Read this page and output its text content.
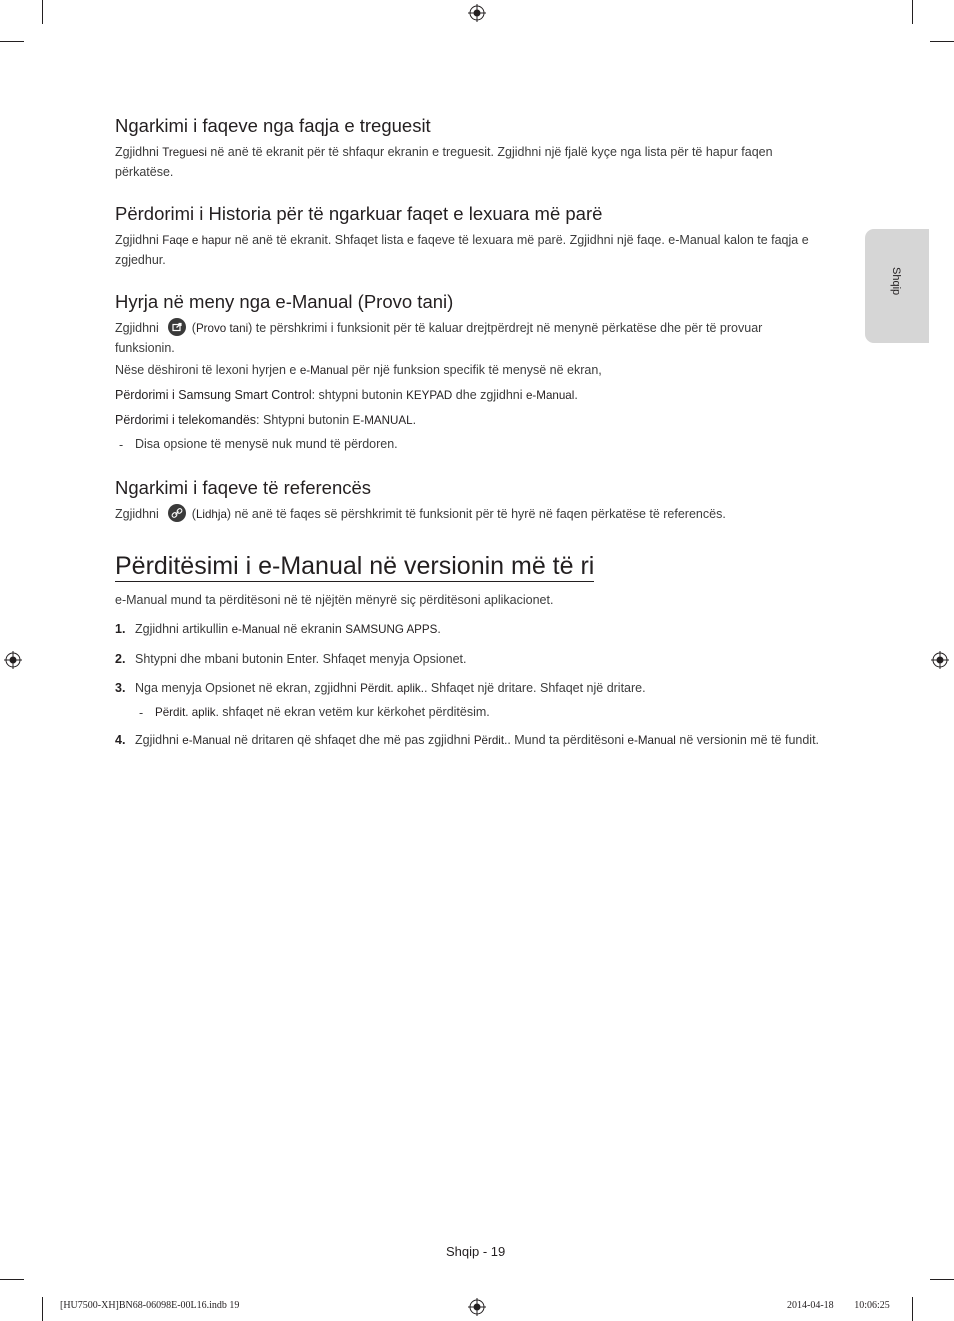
Shqip
Ngarkimi i faqeve nga faqja e treguesit

Zgjidhni Treguesi në anë të ekranit për të shfaqur ekranin e treguesit. Zgjidhni një fjalë kyçe nga lista për të hapur faqen përkatëse.

Përdorimi i Historia për të ngarkuar faqet e lexuara më parë

Zgjidhni Faqe e hapur në anë të ekranit. Shfaqet lista e faqeve të lexuara më parë. Zgjidhni një faqe. e-Manual kalon te faqja e zgjedhur.

Hyrja në meny nga e-Manual (Provo tani)

Zgjidhni	(Provo tani) te përshkrimi i funksionit për të kaluar drejtpërdrejt në menynë përkatëse dhe për të provuar funksionin.

Nëse dëshironi të lexoni hyrjen e e-Manual për një funksion specifik të menysë në ekran,

Përdorimi i Samsung Smart Control: shtypni butonin KEYPAD dhe zgjidhni e-Manual.

Përdorimi i telekomandës: Shtypni butonin E-MANUAL.

- Disa opsione të menysë nuk mund të përdoren.

Ngarkimi i faqeve të referencës

Zgjidhni	(Lidhja) në anë të faqes së përshkrimit të funksionit për të hyrë në faqen përkatëse të referencës.

Përditësimi i e-Manual në versionin më të ri

e-Manual mund ta përditësoni në të njëjtën mënyrë siç përditësoni aplikacionet.

1. Zgjidhni artikullin e-Manual në ekranin SAMSUNG APPS.

2. Shtypni dhe mbani butonin Enter. Shfaqet menyja Opsionet.

3. Nga menyja Opsionet në ekran, zgjidhni Përdit. aplik.. Shfaqet një dritare. Shfaqet një dritare.

- Përdit. aplik. shfaqet në ekran vetëm kur kërkohet përditësim.

4. Zgjidhni e-Manual në dritaren që shfaqet dhe më pas zgjidhni Përdit.. Mund ta përditësoni e-Manual në versionin më të fundit.

Shqip - 19
[HU7500-XH]BN68-06098E-00L16.indb 19	2014-04-18 ￿￿ 10:06:25
